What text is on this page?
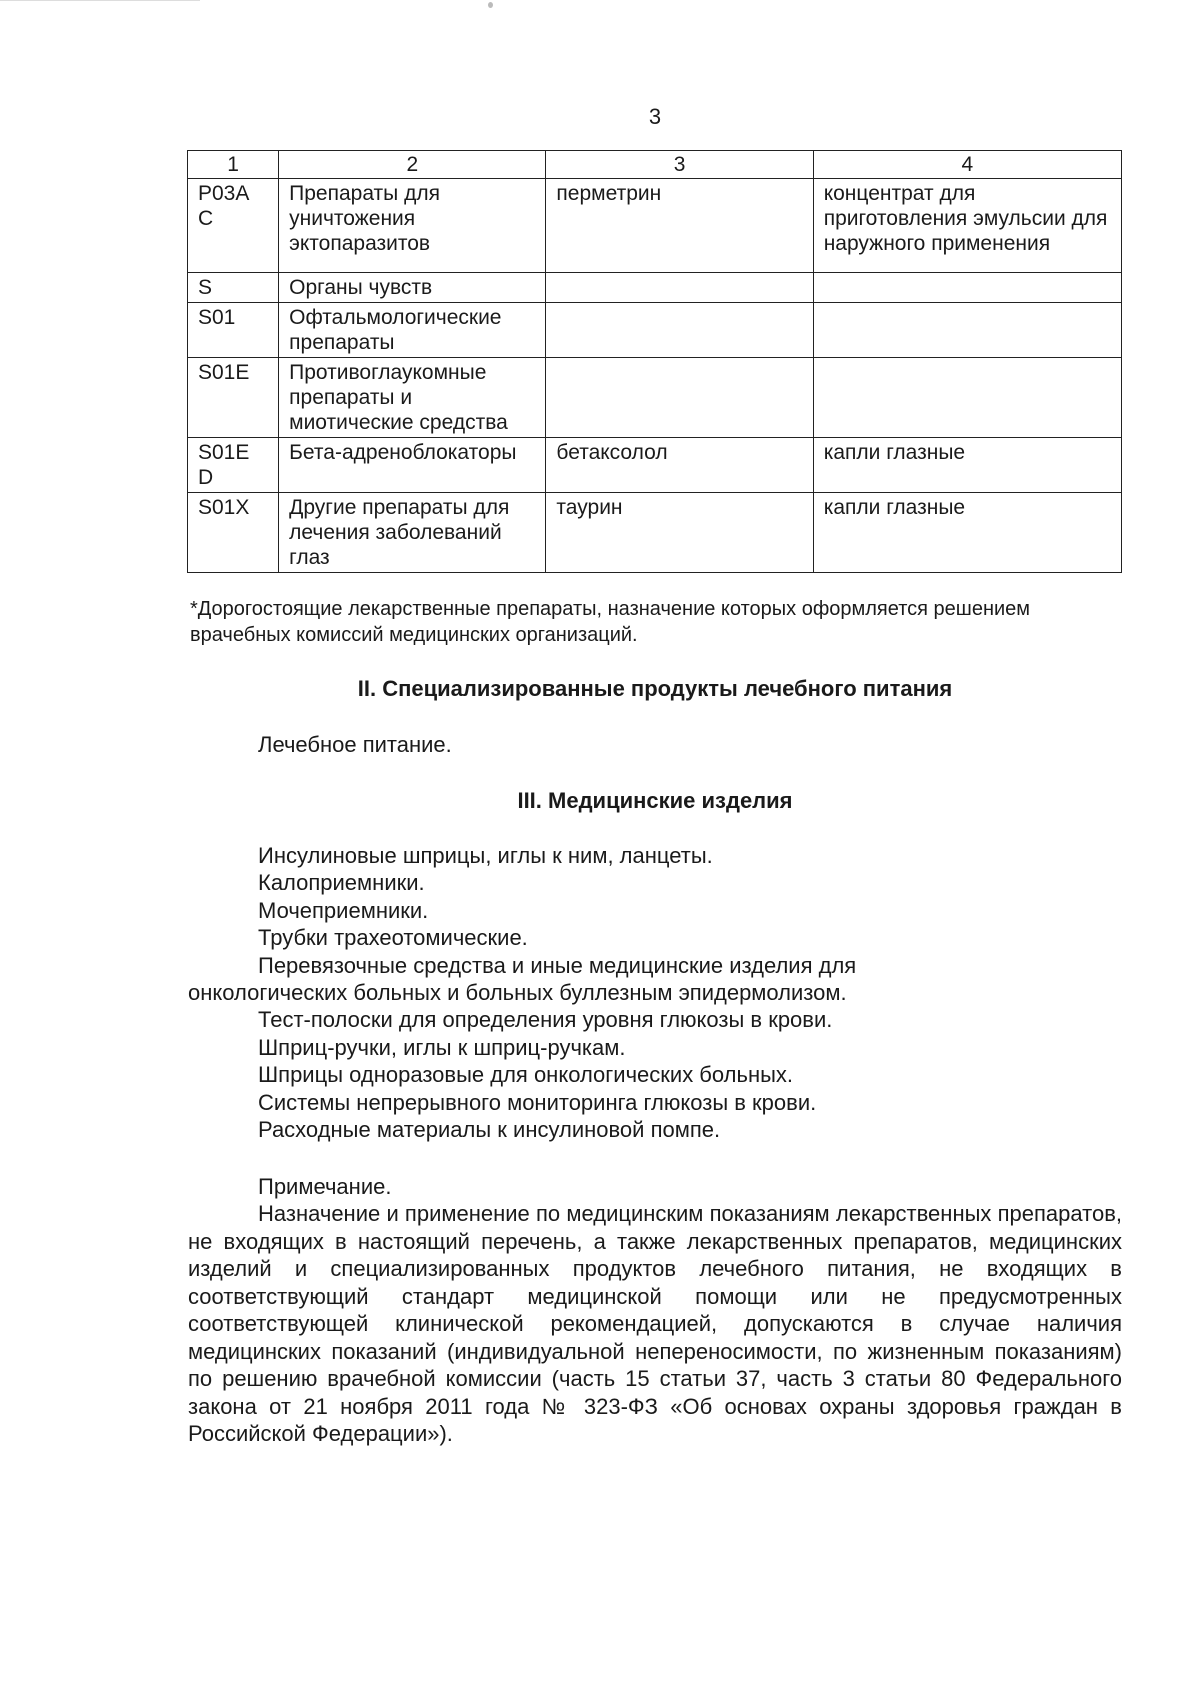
3
1	2	3	4
P03A C	Препараты для уничтожения эктопаразитов	перметрин	концентрат для приготовления эмульсии для наружного применения
S	Органы чувств		
S01	Офтальмологические препараты		
S01E	Противоглаукомные препараты и миотические средства		
S01E D	Бета-адреноблокаторы	бетаксолол	капли глазные
S01X	Другие препараты для лечения заболеваний глаз	таурин	капли глазные
*Дорогостоящие лекарственные препараты, назначение которых оформляется решением врачебных комиссий медицинских организаций.
II. Специализированные продукты лечебного питания
Лечебное питание.
III. Медицинские изделия
Инсулиновые шприцы, иглы к ним, ланцеты.
Калоприемники.
Мочеприемники.
Трубки трахеотомические.
Перевязочные средства и иные медицинские изделия для онкологических больных и больных буллезным эпидермолизом.
Тест-полоски для определения уровня глюкозы в крови.
Шприц-ручки, иглы к шприц-ручкам.
Шприцы одноразовые для онкологических больных.
Системы непрерывного мониторинга глюкозы в крови.
Расходные материалы к инсулиновой помпе.
Примечание.
Назначение и применение по медицинским показаниям лекарственных препаратов, не входящих в настоящий перечень, а также лекарственных препаратов, медицинских изделий и специализированных продуктов лечебного питания, не входящих в соответствующий стандарт медицинской помощи или не предусмотренных соответствующей клинической рекомендацией, допускаются в случае наличия медицинских показаний (индивидуальной непереносимости, по жизненным показаниям) по решению врачебной комиссии (часть 15 статьи 37, часть 3 статьи 80 Федерального закона от 21 ноября 2011 года № 323-ФЗ «Об основах охраны здоровья граждан в Российской Федерации»).
